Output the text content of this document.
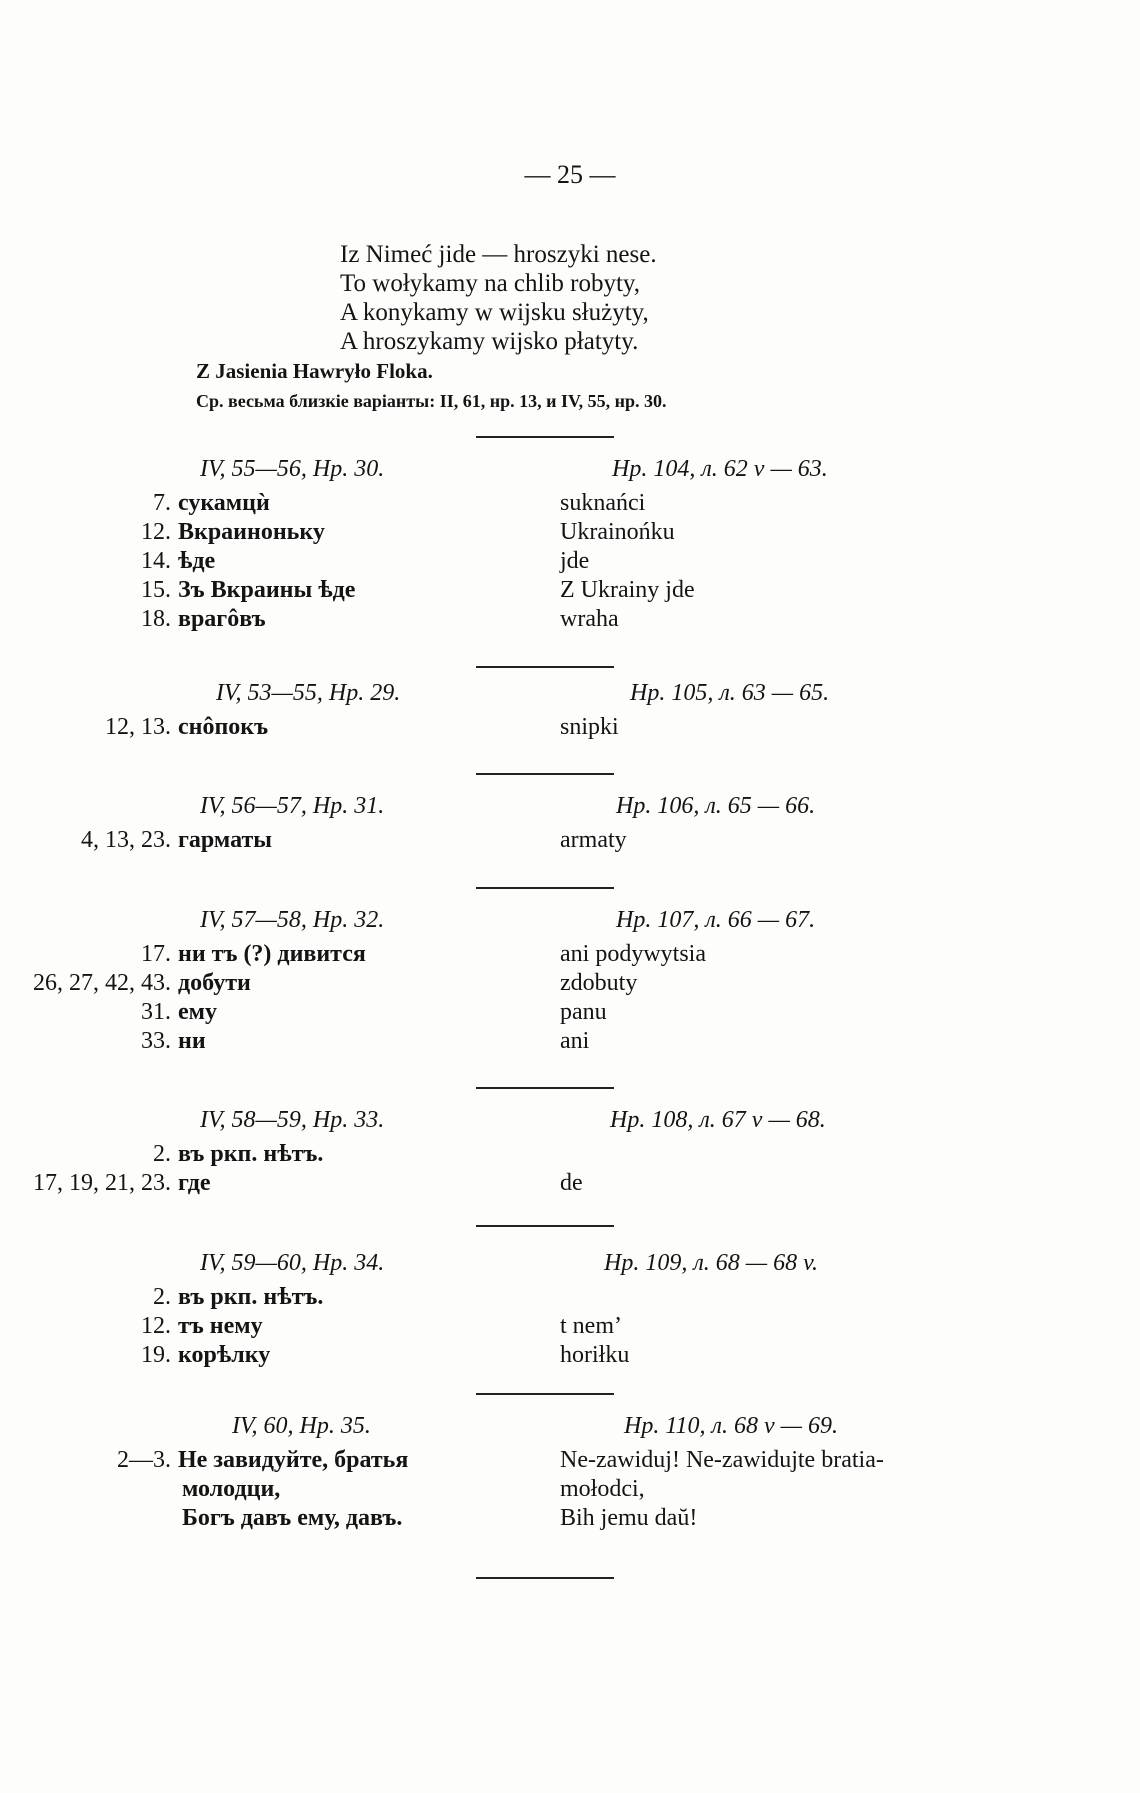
— 25 —
Iz Nimeć jide — hroszyki nese.
To wołykamy na chlib robyty,
A konykamy w wijsku służyty,
A hroszykamy wijsko płatyty.
Z Jasienia Hawryło Floka.
Ср. весьма близкіе варіанты: II, 61, нр. 13, и IV, 55, нр. 30.
IV, 55—56, Нр. 30.	Нр. 104, л. 62 v — 63.
7. сукамцѝ	suknańci
12. Вкраиноньку	Ukrainońku
14. ѣде	jde
15. Зъ Вкраины ѣде	Z Ukrainy jde
18. врагôвъ	wraha
IV, 53—55, Нр. 29.	Нр. 105, л. 63 — 65.
12, 13. снôпокъ	snipki
IV, 56—57, Нр. 31.	Нр. 106, л. 65 — 66.
4, 13, 23. гарматы	armaty
IV, 57—58, Нр. 32.	Нр. 107, л. 66 — 67.
17. ни тъ (?) дивится	ani podywytsia
26, 27, 42, 43. добути	zdobuty
31. ему	panu
33. ни	ani
IV, 58—59, Нр. 33.	Нр. 108, л. 67 v — 68.
2. въ ркп. нѣтъ.
17, 19, 21, 23. где	de
IV, 59—60, Нр. 34.	Нр. 109, л. 68 — 68 v.
2. въ ркп. нѣтъ.
12. тъ нему	t nem’
19. корѣлку	horiłku
IV, 60, Нр. 35.	Нр. 110, л. 68 v — 69.
2—3. Не завидуйте, братья	Ne-zawiduj! Ne-zawidujte bratia-
молодци,	mołodci,
Богъ давъ ему, давъ.	Bih jemu daŭ!
